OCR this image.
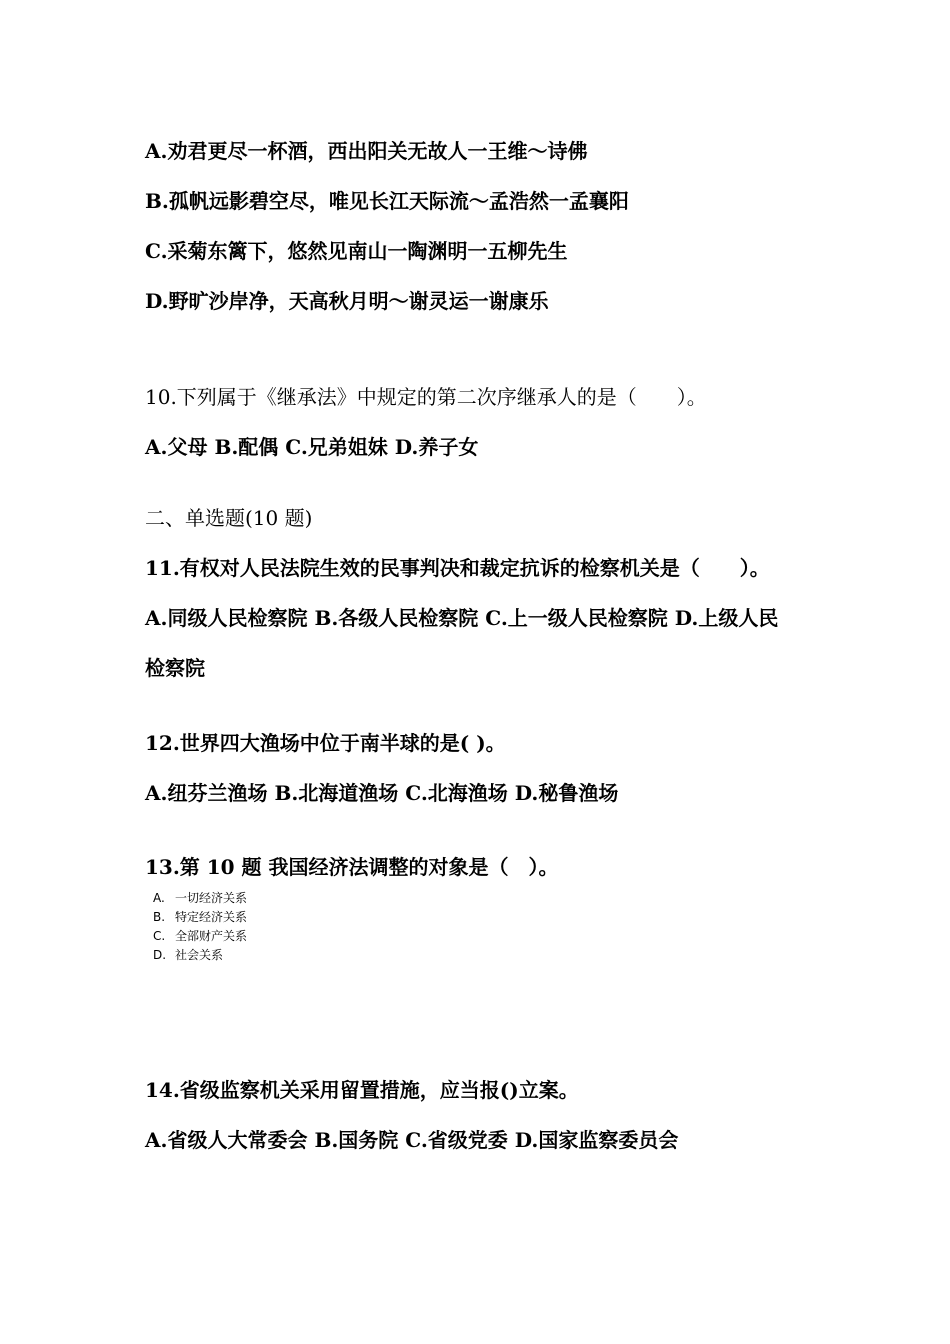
A.劝君更尽一杯酒，西出阳关无故人一王维～诗佛
B.孤帆远影碧空尽，唯见长江天际流～孟浩然一孟襄阳
C.采菊东篱下，悠然见南山一陶渊明一五柳先生
D.野旷沙岸净，天高秋月明～谢灵运一谢康乐
10.下列属于《继承法》中规定的第二次序继承人的是（　　）。
A.父母 B.配偶 C.兄弟姐妹 D.养子女
二、单选题(10 题)
11.有权对人民法院生效的民事判决和裁定抗诉的检察机关是（　　）。
A.同级人民检察院 B.各级人民检察院 C.上一级人民检察院 D.上级人民
检察院
12.世界四大渔场中位于南半球的是( )。
A.纽芬兰渔场 B.北海道渔场 C.北海渔场 D.秘鲁渔场
13.第 10 题 我国经济法调整的对象是（　）。
A. 一切经济关系
B. 特定经济关系
C. 全部财产关系
D. 社会关系
14.省级监察机关采用留置措施，应当报()立案。
A.省级人大常委会 B.国务院 C.省级党委 D.国家监察委员会
